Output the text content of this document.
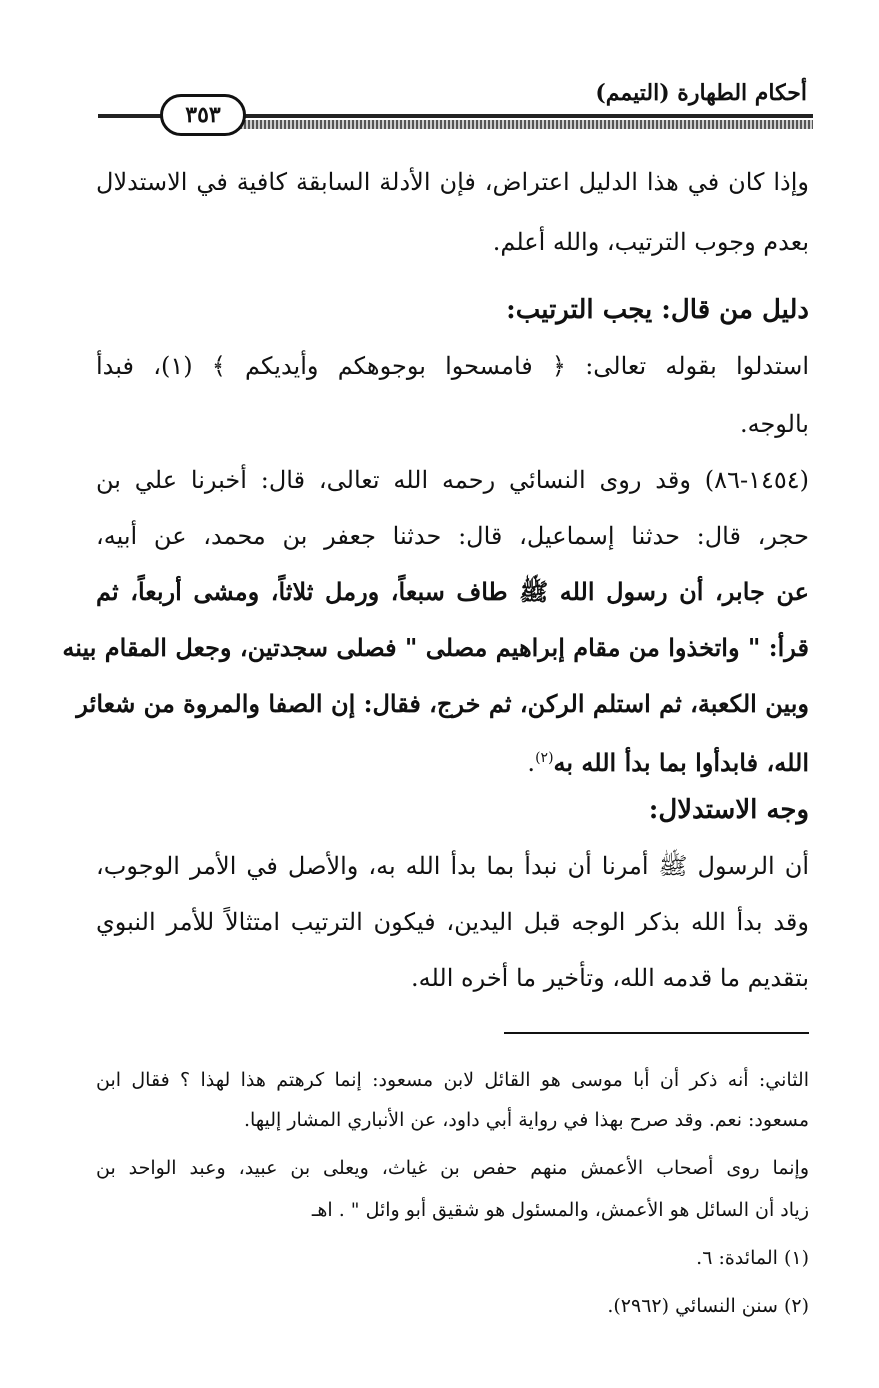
أحكام الطهارة (التيمم)
٣٥٣
وإذا كان في هذا الدليل اعتراض، فإن الأدلة السابقة كافية في الاستدلال
بعدم وجوب الترتيب، والله أعلم.
دليل من قال: يجب الترتيب:
استدلوا بقوله تعالى: ﴿ فامسحوا بوجوهكم وأيديكم ﴾ (١)، فبدأ
بالوجه.
(١٤٥٤-٨٦) وقد روى النسائي رحمه الله تعالى، قال: أخبرنا علي بن
حجر، قال: حدثنا إسماعيل، قال: حدثنا جعفر بن محمد، عن أبيه،
عن جابر، أن رسول الله ﷺ طاف سبعاً، ورمل ثلاثاً، ومشى أربعاً، ثم
قرأ: " واتخذوا من مقام إبراهيم مصلى " فصلى سجدتين، وجعل المقام بينه
وبين الكعبة، ثم استلم الركن، ثم خرج، فقال: إن الصفا والمروة من شعائر
الله، فابدأوا بما بدأ الله به$^{(٢)}$.
وجه الاستدلال:
أن الرسول ﷺ أمرنا أن نبدأ بما بدأ الله به، والأصل في الأمر الوجوب،
وقد بدأ الله بذكر الوجه قبل اليدين، فيكون الترتيب امتثالاً للأمر النبوي
بتقديم ما قدمه الله، وتأخير ما أخره الله.
الثاني: أنه ذكر أن أبا موسى هو القائل لابن مسعود: إنما كرهتم هذا لهذا ؟ فقال ابن
مسعود: نعم. وقد صرح بهذا في رواية أبي داود، عن الأنباري المشار إليها.
وإنما روى أصحاب الأعمش منهم حفص بن غياث، ويعلى بن عبيد، وعبد الواحد بن
زياد أن السائل هو الأعمش، والمسئول هو شقيق أبو وائل " . اهـ
(١) المائدة: ٦.
(٢) سنن النسائي (٢٩٦٢).
